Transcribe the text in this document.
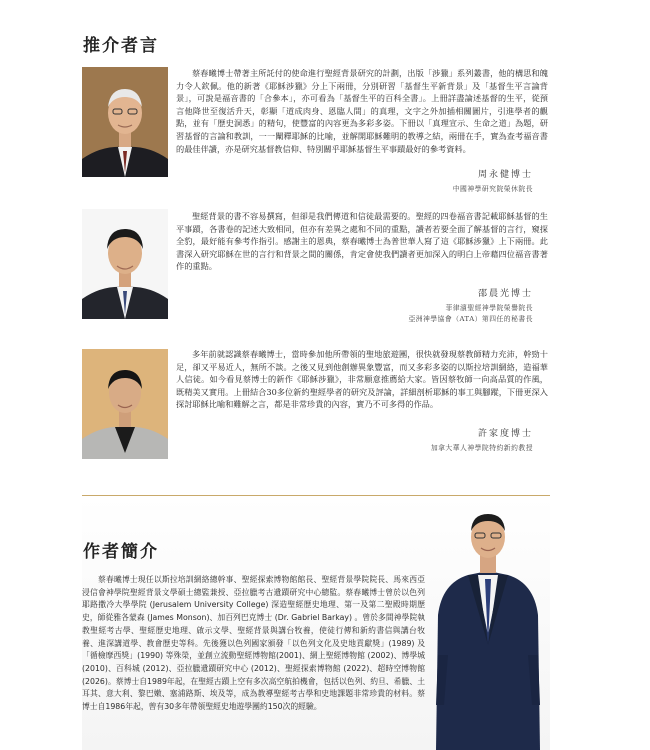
推介者言

蔡春曦博士帶著主所託付的使命進行聖經背景研究的計劃，出版「涉獵」系列叢書，他的構思和魄力令人欽佩。他的新著《耶穌涉獵》分上下兩冊，分別研習「基督生平新背景」及「基督生平言論背景」，可說是福音書的「合參本」，亦可看為「基督生平的百科全書」。上冊詳盡論述基督的生平，從預言他降世至復活升天，彰顯「道成肉身、恩臨人間」的真理，文字之外加插相關圖片，引進學者的觀點，並有「歷史洞悉」的精句，使豐富的內容更為多彩多姿。下冊以「真理宣示、生命之道」為題，研習基督的言論和教訓，一一闡釋耶穌的比喻，並解開耶穌難明的教導之結，兩冊在手，實為查考福音書的最佳伴讀，亦是研究基督教信仰、特別關乎耶穌基督生平事蹟最好的參考資料。

周永健博士
中國神學研究院榮休院長

聖經背景的書不容易撰寫，但卻是我們傳道和信徒最需要的。聖經的四卷福音書記載耶穌基督的生平事蹟，各書卷的記述大致相同，但亦有差異之處和不同的重點，讀者若要全面了解基督的言行，窺探全豹，最好能有參考作指引。感謝主的恩典，蔡春曦博士為普世華人寫了這《耶穌涉獵》上下兩冊。此書深入研究耶穌在世的言行和背景之間的關係，肯定會使我們讀者更加深入的明白上帝藉四位福音書著作的重點。

邵晨光博士
菲律濱聖經神學院榮譽院長
亞洲神學協會（ATA）第四任的秘書長

多年前就認識蔡春曦博士，當時參加他所帶領的聖地旅遊團，很快就發現蔡教師精力充沛，幹勁十足，卻又平易近人，無所不談。之後又見到他創辦異象豐富，而又多彩多姿的以斯拉培訓網絡，造福華人信徒。如今看見蔡博士的新作《耶穌涉獵》，非常願意推薦給大家。皆因蔡牧師一向高品質的作風，既精美又實用。上冊結合30多位新約聖經學者的研究及評論，詳細剖析耶穌的事工與腳蹤，下冊更深入探討耶穌比喻和難解之言，都是非常珍貴的內容，實乃不可多得的作品。

許家度博士
加拿大華人神學院特約新約教授
作者簡介

蔡春曦博士現任以斯拉培訓網絡總幹事、聖經探索博物館館長、聖經背景學院院長、馬來西亞浸信會神學院聖經背景文學碩士總監兼授、亞拉臘考古遺蹟研究中心總監。蔡春曦博士曾於以色列耶路撒冷大學學院 (Jerusalem University College) 深造聖經歷史地理、第一及第二聖殿時期歷史，師從雅各蒙森 (James Monson)、加百列巴克博士 (Dr. Gabriel Barkay) 。曾於多間神學院執教聖經考古學、聖經歷史地理、啟示文學、聖經背景與講台牧養，使徒行傳和新約書信與講台牧養、進深講道學、教會歷史等科。先後獲以色列國家頒發「以色列文化及史地貢獻獎」(1989) 及「循檢摩西獎」(1990) 等殊榮，並創立流動聖經博物館(2001)、網上聖經博物館 (2002)、博學城 (2010)、百科城 (2012)、亞拉臘遺蹟研究中心 (2012)、聖經探索博物館 (2022)、超時空博物館(2026)。蔡博士自1989年起，在聖經古蹟上空有多次高空航拍機會，包括以色列、約旦、希臘、土耳其、意大利、黎巴嫩、塞浦路斯、埃及等，成為教導聖經考古學和史地課題非常珍貴的材料。蔡博士自1986年起，曾有30多年帶領聖經史地遊學團約150次的經驗。
